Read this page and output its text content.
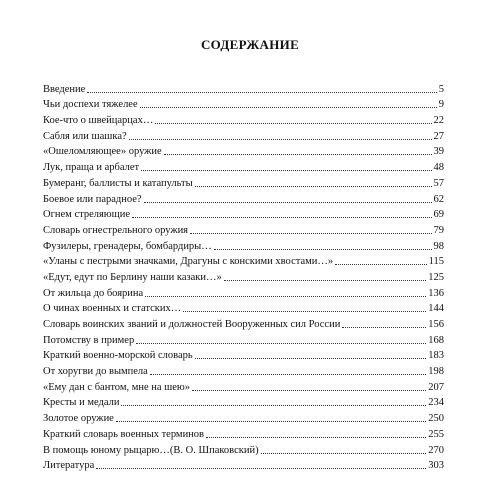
СОДЕРЖАНИЕ
Введение	5
Чьи доспехи тяжелее	9
Кое-что о швейцарцах…	22
Сабля или шашка?	27
«Ошеломляющее» оружие	39
Лук, праща и арбалет	48
Бумеранг, баллисты и катапульты	57
Боевое или парадное?	62
Огнем стреляющие	69
Словарь огнестрельного оружия	79
Фузилеры, гренадеры, бомбардиры…	98
«Уланы с пестрыми значками, Драгуны с конскими хвостами…»	115
«Едут, едут по Берлину наши казаки…»	125
От жильца до боярина	136
О чинах военных и статских…	144
Словарь воинских званий и должностей Вооруженных сил России	156
Потомству в пример	168
Краткий военно-морской словарь	183
От хоругви до вымпела	198
«Ему дан с бантом, мне на шею»	207
Кресты и медали	234
Золотое оружие	250
Краткий словарь военных терминов	255
В помощь юному рыцарю…(В. О. Шпаковский)	270
Литература	303
